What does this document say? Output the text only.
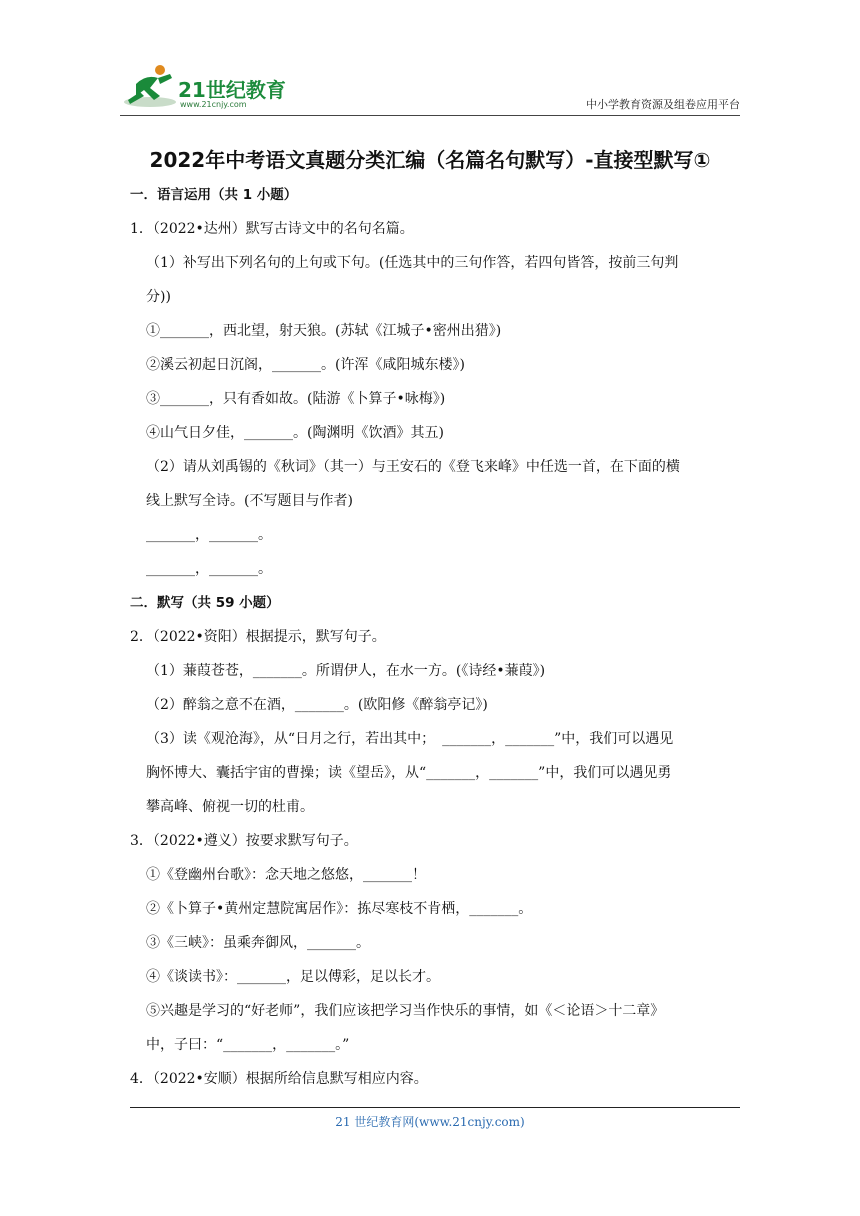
21世纪教育
www.21cnjy.com	中小学教育资源及组卷应用平台
2022年中考语文真题分类汇编（名篇名句默写）-直接型默写①
一．语言运用（共 1 小题）
1．（2022•达州）默写古诗文中的名句名篇。
（1）补写出下列名句的上句或下句。(任选其中的三句作答，若四句皆答，按前三句判
分))
①_______，西北望，射天狼。(苏轼《江城子•密州出猎》)
②溪云初起日沉阁，_______。(许浑《咸阳城东楼》)
③_______，只有香如故。(陆游《卜算子•咏梅》)
④山气日夕佳，_______。(陶渊明《饮酒》其五)
（2）请从刘禹锡的《秋词》（其一）与王安石的《登飞来峰》中任选一首，在下面的横
线上默写全诗。(不写题目与作者)
_______，_______。
_______，_______。
二．默写（共 59 小题）
2．（2022•资阳）根据提示，默写句子。
（1）蒹葭苍苍，_______。所谓伊人，在水一方。(《诗经•蒹葭》)
（2）醉翁之意不在酒，_______。(欧阳修《醉翁亭记》)
（3）读《观沧海》，从“日月之行，若出其中；　_______，_______”中，我们可以遇见
胸怀博大、囊括宇宙的曹操；读《望岳》，从“_______，_______”中，我们可以遇见勇
攀高峰、俯视一切的杜甫。
3．（2022•遵义）按要求默写句子。
①《登幽州台歌》：念天地之悠悠，_______！
②《卜算子•黄州定慧院寓居作》：拣尽寒枝不肯栖，_______。
③《三峡》：虽乘奔御风，_______。
④《谈读书》：_______，足以傅彩，足以长才。
⑤兴趣是学习的“好老师”，我们应该把学习当作快乐的事情，如《＜论语＞十二章》
中，子曰：“_______，_______。”
4．（2022•安顺）根据所给信息默写相应内容。
21 世纪教育网(www.21cnjy.com)
